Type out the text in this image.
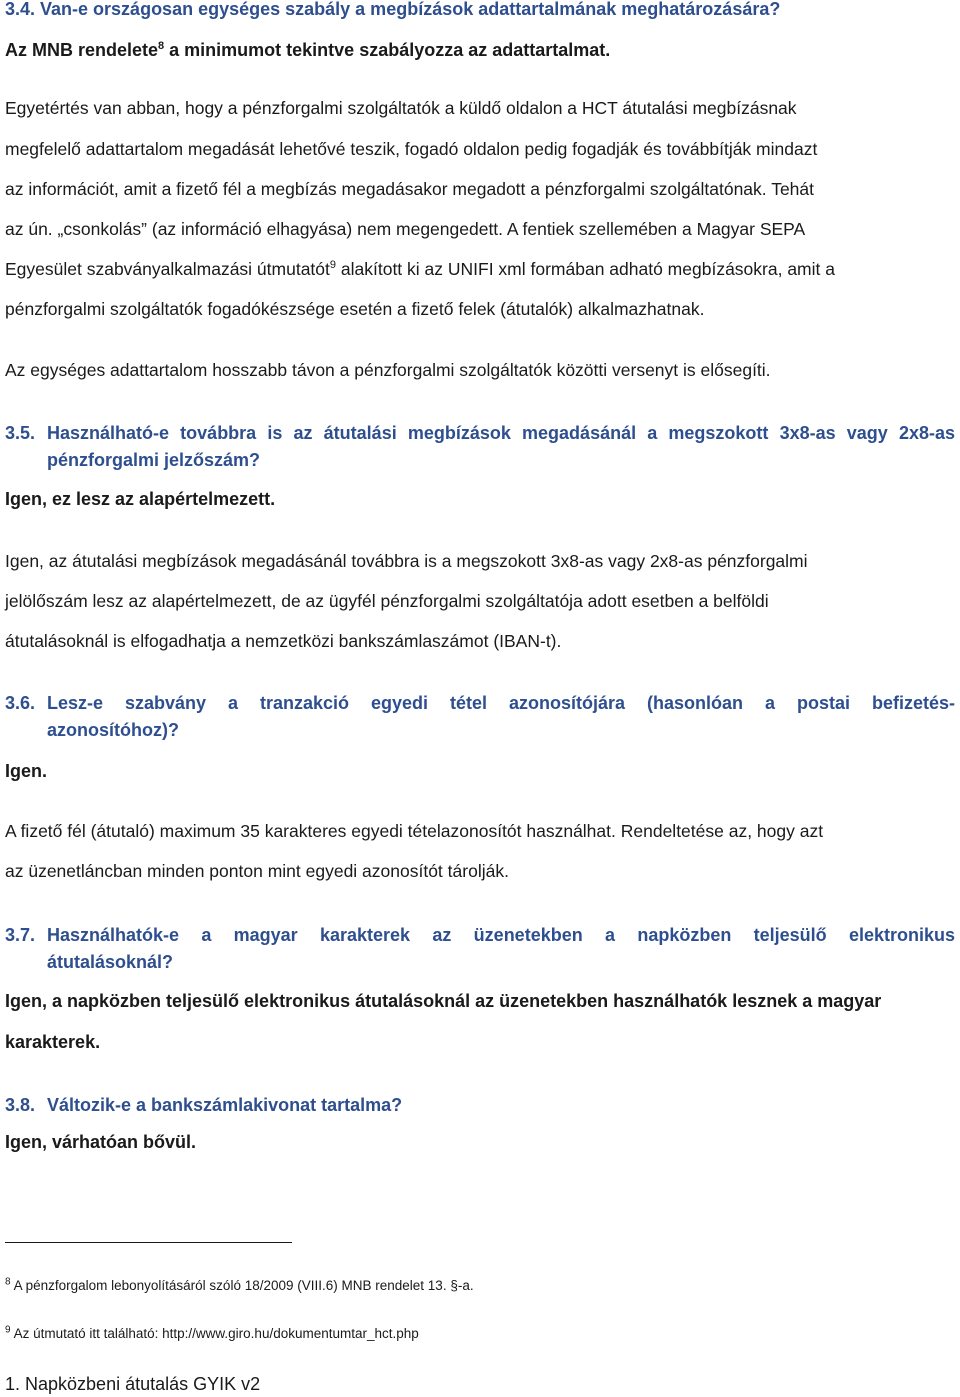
3.4. Van-e országosan egységes szabály a megbízások adattartalmának meghatározására?
Az MNB rendelete$^8$ a minimumot tekintve szabályozza az adattartalmat.
Egyetértés van abban, hogy a pénzforgalmi szolgáltatók a küldő oldalon a HCT átutalási megbízásnak
megfelelő adattartalom megadását lehetővé teszik, fogadó oldalon pedig fogadják és továbbítják mindazt
az információt, amit a fizető fél a megbízás megadásakor megadott a pénzforgalmi szolgáltatónak. Tehát
az ún. „csonkolás” (az információ elhagyása) nem megengedett. A fentiek szellemében a Magyar SEPA
Egyesület szabványalkalmazási útmutatót$^9$ alakított ki az UNIFI xml formában adható megbízásokra, amit a
pénzforgalmi szolgáltatók fogadókészsége esetén a fizető felek (átutalók) alkalmazhatnak.
Az egységes adattartalom hosszabb távon a pénzforgalmi szolgáltatók közötti versenyt is elősegíti.
3.5. Használható-e továbbra is az átutalási megbízások megadásánál a megszokott 3x8-as vagy 2x8-as
pénzforgalmi jelzőszám?
Igen, ez lesz az alapértelmezett.
Igen, az átutalási megbízások megadásánál továbbra is a megszokott 3x8-as vagy 2x8-as pénzforgalmi
jelölőszám lesz az alapértelmezett, de az ügyfél pénzforgalmi szolgáltatója adott esetben a belföldi
átutalásoknál is elfogadhatja a nemzetközi bankszámlaszámot (IBAN-t).
3.6. Lesz-e szabvány a tranzakció egyedi tétel azonosítójára (hasonlóan a postai befizetés-
azonosítóhoz)?
Igen.
A fizető fél (átutaló) maximum 35 karakteres egyedi tételazonosítót használhat. Rendeltetése az, hogy azt
az üzenetláncban minden ponton mint egyedi azonosítót tárolják.
3.7. Használhatók-e a magyar karakterek az üzenetekben a napközben teljesülő elektronikus
átutalásoknál?
Igen, a napközben teljesülő elektronikus átutalásoknál az üzenetekben használhatók lesznek a magyar
karakterek.
3.8. Változik-e a bankszámlakivonat tartalma?
Igen, várhatóan bővül.
$^8$ A pénzforgalom lebonyolításáról szóló 18/2009 (VIII.6) MNB rendelet 13. §-a.
$^9$ Az útmutató itt található: http://www.giro.hu/dokumentumtar_hct.php
1. Napközbeni átutalás GYIK v2
